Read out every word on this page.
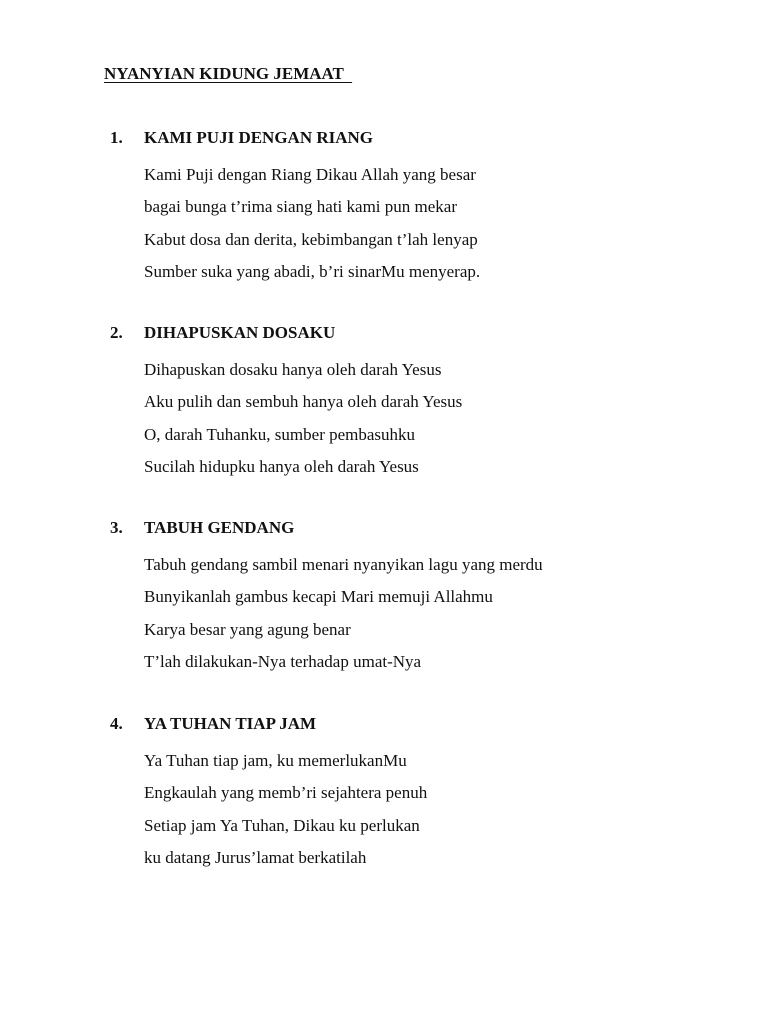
NYANYIAN KIDUNG JEMAAT
1. KAMI PUJI DENGAN RIANG
Kami Puji dengan Riang Dikau Allah yang besar
bagai bunga t’rima siang hati kami pun mekar
Kabut dosa dan derita, kebimbangan t’lah lenyap
Sumber suka yang abadi, b’ri sinarMu menyerap.
2. DIHAPUSKAN DOSAKU
Dihapuskan dosaku hanya oleh darah Yesus
Aku pulih dan sembuh hanya oleh darah Yesus
O, darah Tuhanku, sumber pembasuhku
Sucilah hidupku hanya oleh darah Yesus
3. TABUH GENDANG
Tabuh gendang sambil menari nyanyikan lagu yang merdu
Bunyikanlah gambus kecapi Mari memuji Allahmu
Karya besar yang agung benar
T’lah dilakukan-Nya terhadap umat-Nya
4. YA TUHAN TIAP JAM
Ya Tuhan tiap jam, ku memerlukanMu
Engkaulah yang memb’ri sejahtera penuh
Setiap jam Ya Tuhan, Dikau ku perlukan
ku datang Jurus’lamat berkatilah
